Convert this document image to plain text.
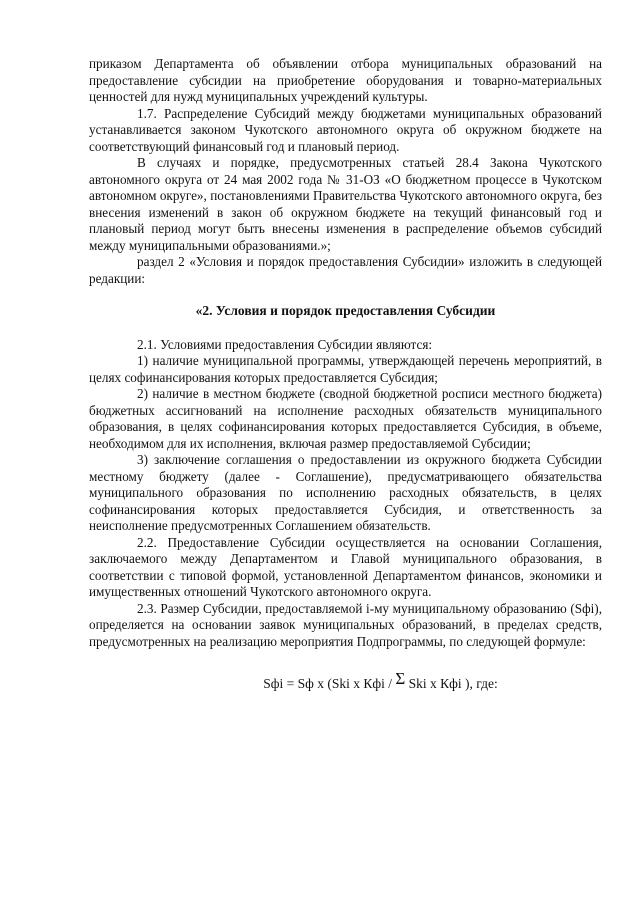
приказом Департамента об объявлении отбора муниципальных образований на предоставление субсидии на приобретение оборудования и товарно-материальных ценностей для нужд муниципальных учреждений культуры.

1.7. Распределение Субсидий между бюджетами муниципальных образований устанавливается законом Чукотского автономного округа об окружном бюджете на соответствующий финансовый год и плановый период.

В случаях и порядке, предусмотренных статьей 28.4 Закона Чукотского автономного округа от 24 мая 2002 года № 31-ОЗ «О бюджетном процессе в Чукотском автономном округе», постановлениями Правительства Чукотского автономного округа, без внесения изменений в закон об окружном бюджете на текущий финансовый год и плановый период могут быть внесены изменения в распределение объемов субсидий между муниципальными образованиями.»;

раздел 2 «Условия и порядок предоставления Субсидии» изложить в следующей редакции:

«2. Условия и порядок предоставления Субсидии

2.1. Условиями предоставления Субсидии являются:

1) наличие муниципальной программы, утверждающей перечень мероприятий, в целях софинансирования которых предоставляется Субсидия;

2) наличие в местном бюджете (сводной бюджетной росписи местного бюджета) бюджетных ассигнований на исполнение расходных обязательств муниципального образования, в целях софинансирования которых предоставляется Субсидия, в объеме, необходимом для их исполнения, включая размер предоставляемой Субсидии;

3) заключение соглашения о предоставлении из окружного бюджета Субсидии местному бюджету (далее - Соглашение), предусматривающего обязательства муниципального образования по исполнению расходных обязательств, в целях софинансирования которых предоставляется Субсидия, и ответственность за неисполнение предусмотренных Соглашением обязательств.

2.2. Предоставление Субсидии осуществляется на основании Соглашения, заключаемого между Департаментом и Главой муниципального образования, в соответствии с типовой формой, установленной Департаментом финансов, экономики и имущественных отношений Чукотского автономного округа.

2.3. Размер Субсидии, предоставляемой i-му муниципальному образованию (Sфi), определяется на основании заявок муниципальных образований, в пределах средств, предусмотренных на реализацию мероприятия Подпрограммы, по следующей формуле:

Sфi = Sф x (Ski x Кфi / Σ Ski x Кфi ), где:
